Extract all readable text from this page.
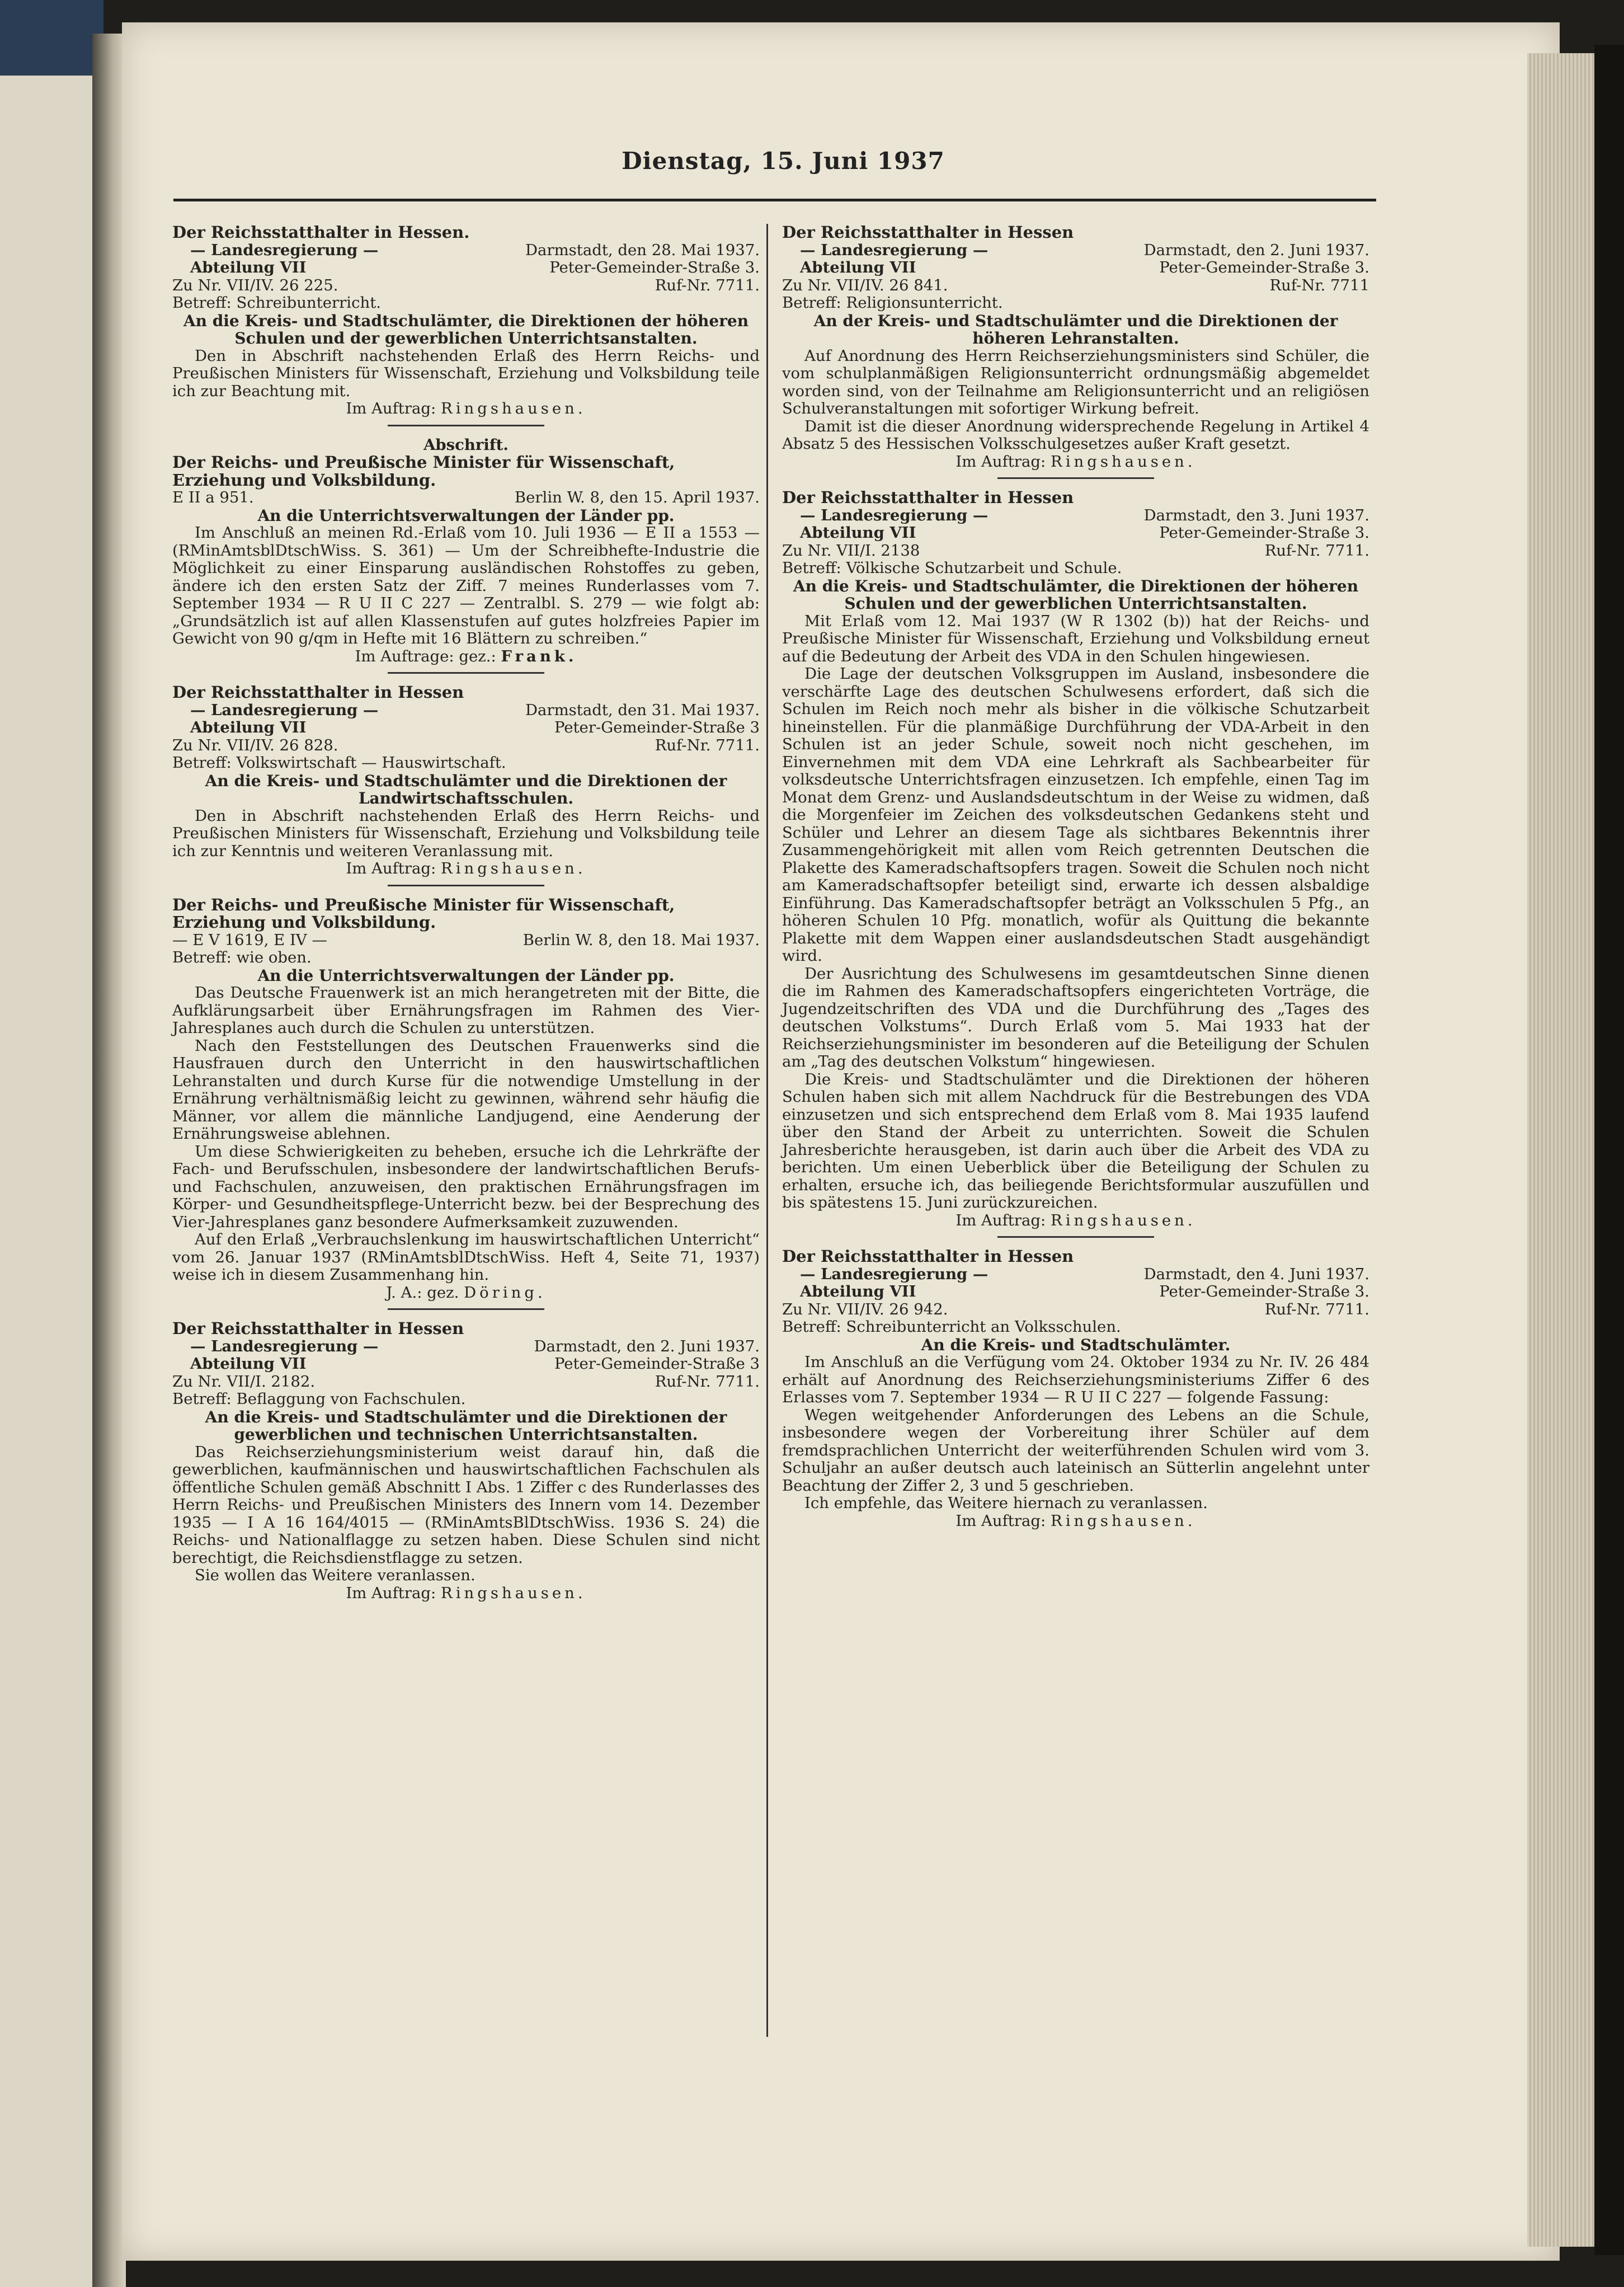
Dienstag, 15. Juni 1937
Der Reichsstatthalter in Hessen.
— Landesregierung —	Darmstadt, den 28. Mai 1937.
Abteilung VII	Peter-Gemeinder-Straße 3.
Zu Nr. VII/IV. 26 225.	Ruf-Nr. 7711.
Betreff: Schreibunterricht.
An die Kreis- und Stadtschulämter, die Direktionen der höheren Schulen und der gewerblichen Unterrichtsanstalten.
Den in Abschrift nachstehenden Erlaß des Herrn Reichs- und Preußischen Ministers für Wissenschaft, Erziehung und Volksbildung teile ich zur Beachtung mit.
Im Auftrag: Ringshausen.
Abschrift.
Der Reichs- und Preußische Minister für Wissenschaft, Erziehung und Volksbildung.
E II a 951.	Berlin W. 8, den 15. April 1937.
An die Unterrichtsverwaltungen der Länder pp.
Im Anschluß an meinen Rd.-Erlaß vom 10. Juli 1936 — E II a 1553 — (RMinAmtsblDtschWiss. S. 361) — Um der Schreibhefte-Industrie die Möglichkeit zu einer Einsparung ausländischen Rohstoffes zu geben, ändere ich den ersten Satz der Ziff. 7 meines Runderlasses vom 7. September 1934 — R U II C 227 — Zentralbl. S. 279 — wie folgt ab: „Grundsätzlich ist auf allen Klassenstufen auf gutes holzfreies Papier im Gewicht von 90 g/qm in Hefte mit 16 Blättern zu schreiben.“
Im Auftrage: gez.: Frank.
Der Reichsstatthalter in Hessen
— Landesregierung —	Darmstadt, den 31. Mai 1937.
Abteilung VII	Peter-Gemeinder-Straße 3
Zu Nr. VII/IV. 26 828.	Ruf-Nr. 7711.
Betreff: Volkswirtschaft — Hauswirtschaft.
An die Kreis- und Stadtschulämter und die Direktionen der Landwirtschaftsschulen.
Den in Abschrift nachstehenden Erlaß des Herrn Reichs- und Preußischen Ministers für Wissenschaft, Erziehung und Volksbildung teile ich zur Kenntnis und weiteren Veranlassung mit.
Im Auftrag: Ringshausen.
Der Reichs- und Preußische Minister für Wissenschaft, Erziehung und Volksbildung.
— E V 1619, E IV —	Berlin W. 8, den 18. Mai 1937.
Betreff: wie oben.
An die Unterrichtsverwaltungen der Länder pp.
Das Deutsche Frauenwerk ist an mich herangetreten mit der Bitte, die Aufklärungsarbeit über Ernährungsfragen im Rahmen des Vier-Jahresplanes auch durch die Schulen zu unterstützen.
Nach den Feststellungen des Deutschen Frauenwerks sind die Hausfrauen durch den Unterricht in den hauswirtschaftlichen Lehranstalten und durch Kurse für die notwendige Umstellung in der Ernährung verhältnismäßig leicht zu gewinnen, während sehr häufig die Männer, vor allem die männliche Landjugend, eine Aenderung der Ernährungsweise ablehnen.
Um diese Schwierigkeiten zu beheben, ersuche ich die Lehrkräfte der Fach- und Berufsschulen, insbesondere der landwirtschaftlichen Berufs- und Fachschulen, anzuweisen, den praktischen Ernährungsfragen im Körper- und Gesundheitspflege-Unterricht bezw. bei der Besprechung des Vier-Jahresplanes ganz besondere Aufmerksamkeit zuzuwenden.
Auf den Erlaß „Verbrauchslenkung im hauswirtschaftlichen Unterricht“ vom 26. Januar 1937 (RMinAmtsblDtschWiss. Heft 4, Seite 71, 1937) weise ich in diesem Zusammenhang hin.
J. A.: gez. Döring.
Der Reichsstatthalter in Hessen
— Landesregierung —	Darmstadt, den 2. Juni 1937.
Abteilung VII	Peter-Gemeinder-Straße 3
Zu Nr. VII/I. 2182.	Ruf-Nr. 7711.
Betreff: Beflaggung von Fachschulen.
An die Kreis- und Stadtschulämter und die Direktionen der gewerblichen und technischen Unterrichtsanstalten.
Das Reichserziehungsministerium weist darauf hin, daß die gewerblichen, kaufmännischen und hauswirtschaftlichen Fachschulen als öffentliche Schulen gemäß Abschnitt I Abs. 1 Ziffer c des Runderlasses des Herrn Reichs- und Preußischen Ministers des Innern vom 14. Dezember 1935 — I A 16 164/4015 — (RMinAmtsBlDtschWiss. 1936 S. 24) die Reichs- und Nationalflagge zu setzen haben. Diese Schulen sind nicht berechtigt, die Reichsdienstflagge zu setzen.
Sie wollen das Weitere veranlassen.
Im Auftrag: Ringshausen.
Der Reichsstatthalter in Hessen
— Landesregierung —	Darmstadt, den 2. Juni 1937.
Abteilung VII	Peter-Gemeinder-Straße 3.
Zu Nr. VII/IV. 26 841.	Ruf-Nr. 7711
Betreff: Religionsunterricht.
An der Kreis- und Stadtschulämter und die Direktionen der höheren Lehranstalten.
Auf Anordnung des Herrn Reichserziehungsministers sind Schüler, die vom schulplanmäßigen Religionsunterricht ordnungsmäßig abgemeldet worden sind, von der Teilnahme am Religionsunterricht und an religiösen Schulveranstaltungen mit sofortiger Wirkung befreit.
Damit ist die dieser Anordnung widersprechende Regelung in Artikel 4 Absatz 5 des Hessischen Volksschulgesetzes außer Kraft gesetzt.
Im Auftrag: Ringshausen.
Der Reichsstatthalter in Hessen
— Landesregierung —	Darmstadt, den 3. Juni 1937.
Abteilung VII	Peter-Gemeinder-Straße 3.
Zu Nr. VII/I. 2138	Ruf-Nr. 7711.
Betreff: Völkische Schutzarbeit und Schule.
An die Kreis- und Stadtschulämter, die Direktionen der höheren Schulen und der gewerblichen Unterrichtsanstalten.
Mit Erlaß vom 12. Mai 1937 (W R 1302 (b)) hat der Reichs- und Preußische Minister für Wissenschaft, Erziehung und Volksbildung erneut auf die Bedeutung der Arbeit des VDA in den Schulen hingewiesen.
Die Lage der deutschen Volksgruppen im Ausland, insbesondere die verschärfte Lage des deutschen Schulwesens erfordert, daß sich die Schulen im Reich noch mehr als bisher in die völkische Schutzarbeit hineinstellen. Für die planmäßige Durchführung der VDA-Arbeit in den Schulen ist an jeder Schule, soweit noch nicht geschehen, im Einvernehmen mit dem VDA eine Lehrkraft als Sachbearbeiter für volksdeutsche Unterrichtsfragen einzusetzen. Ich empfehle, einen Tag im Monat dem Grenz- und Auslandsdeutschtum in der Weise zu widmen, daß die Morgenfeier im Zeichen des volksdeutschen Gedankens steht und Schüler und Lehrer an diesem Tage als sichtbares Bekenntnis ihrer Zusammengehörigkeit mit allen vom Reich getrennten Deutschen die Plakette des Kameradschaftsopfers tragen. Soweit die Schulen noch nicht am Kameradschaftsopfer beteiligt sind, erwarte ich dessen alsbaldige Einführung. Das Kameradschaftsopfer beträgt an Volksschulen 5 Pfg., an höheren Schulen 10 Pfg. monatlich, wofür als Quittung die bekannte Plakette mit dem Wappen einer auslandsdeutschen Stadt ausgehändigt wird.
Der Ausrichtung des Schulwesens im gesamtdeutschen Sinne dienen die im Rahmen des Kameradschaftsopfers eingerichteten Vorträge, die Jugendzeitschriften des VDA und die Durchführung des „Tages des deutschen Volkstums“. Durch Erlaß vom 5. Mai 1933 hat der Reichserziehungsminister im besonderen auf die Beteiligung der Schulen am „Tag des deutschen Volkstum“ hingewiesen.
Die Kreis- und Stadtschulämter und die Direktionen der höheren Schulen haben sich mit allem Nachdruck für die Bestrebungen des VDA einzusetzen und sich entsprechend dem Erlaß vom 8. Mai 1935 laufend über den Stand der Arbeit zu unterrichten. Soweit die Schulen Jahresberichte herausgeben, ist darin auch über die Arbeit des VDA zu berichten. Um einen Ueberblick über die Beteiligung der Schulen zu erhalten, ersuche ich, das beiliegende Berichtsformular auszufüllen und bis spätestens 15. Juni zurückzureichen.
Im Auftrag: Ringshausen.
Der Reichsstatthalter in Hessen
— Landesregierung —	Darmstadt, den 4. Juni 1937.
Abteilung VII	Peter-Gemeinder-Straße 3.
Zu Nr. VII/IV. 26 942.	Ruf-Nr. 7711.
Betreff: Schreibunterricht an Volksschulen.
An die Kreis- und Stadtschulämter.
Im Anschluß an die Verfügung vom 24. Oktober 1934 zu Nr. IV. 26 484 erhält auf Anordnung des Reichserziehungsministeriums Ziffer 6 des Erlasses vom 7. September 1934 — R U II C 227 — folgende Fassung:
Wegen weitgehender Anforderungen des Lebens an die Schule, insbesondere wegen der Vorbereitung ihrer Schüler auf dem fremdsprachlichen Unterricht der weiterführenden Schulen wird vom 3. Schuljahr an außer deutsch auch lateinisch an Sütterlin angelehnt unter Beachtung der Ziffer 2, 3 und 5 geschrieben.
Ich empfehle, das Weitere hiernach zu veranlassen.
Im Auftrag: Ringshausen.
